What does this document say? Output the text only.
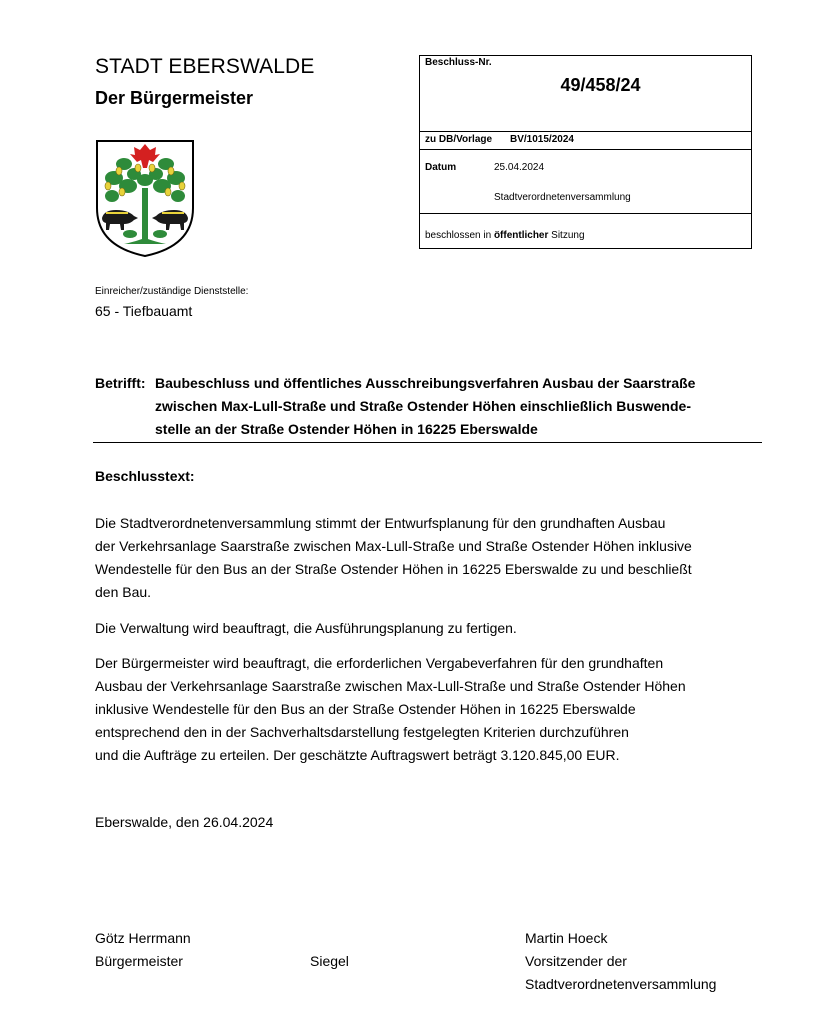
STADT EBERSWALDE
Der Bürgermeister
Beschluss-Nr.
49/458/24
zu DB/Vorlage BV/1015/2024
Datum	25.04.2024
Stadtverordnetenversammlung
beschlossen in öffentlicher Sitzung
Einreicher/zuständige Dienststelle:
65 - Tiefbauamt
Betrifft: Baubeschluss und öffentliches Ausschreibungsverfahren Ausbau der Saarstraße
zwischen Max-Lull-Straße und Straße Ostender Höhen einschließlich Buswende-
stelle an der Straße Ostender Höhen in 16225 Eberswalde
Beschlusstext:
Die Stadtverordnetenversammlung stimmt der Entwurfsplanung für den grundhaften Ausbau
der Verkehrsanlage Saarstraße zwischen Max-Lull-Straße und Straße Ostender Höhen inklusive
Wendestelle für den Bus an der Straße Ostender Höhen in 16225 Eberswalde zu und beschließt
den Bau.
Die Verwaltung wird beauftragt, die Ausführungsplanung zu fertigen.
Der Bürgermeister wird beauftragt, die erforderlichen Vergabeverfahren für den grundhaften
Ausbau der Verkehrsanlage Saarstraße zwischen Max-Lull-Straße und Straße Ostender Höhen
inklusive Wendestelle für den Bus an der Straße Ostender Höhen in 16225 Eberswalde
entsprechend den in der Sachverhaltsdarstellung festgelegten Kriterien durchzuführen
und die Aufträge zu erteilen. Der geschätzte Auftragswert beträgt 3.120.845,00 EUR.
Eberswalde, den 26.04.2024
Götz Herrmann
Bürgermeister	Siegel
Martin Hoeck
Vorsitzender der
Stadtverordnetenversammlung
